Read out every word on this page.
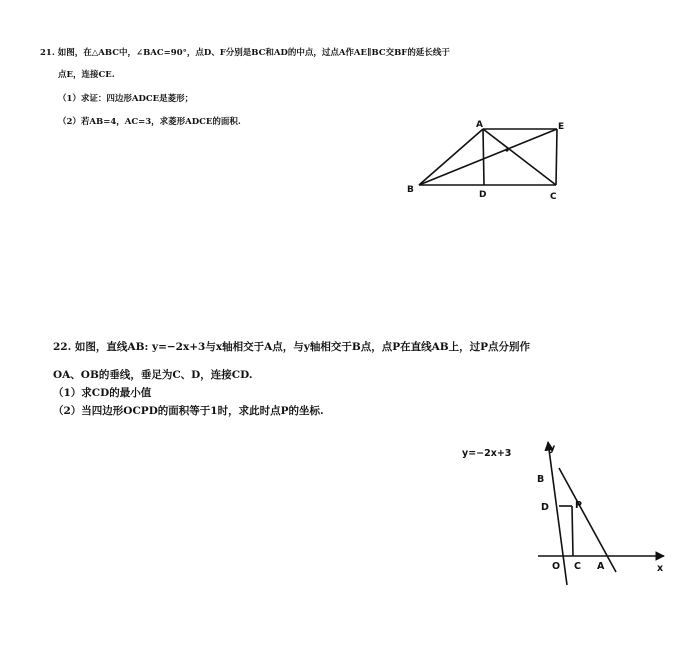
21. 如图，在△ABC中，∠BAC=90°，点D、F分别是BC和AD的中点，过点A作AE∥BC交BF的延长线于
点E，连接CE.
（1）求证：四边形ADCE是菱形；
（2）若AB=4，AC=3，求菱形ADCE的面积.	A	E
B	D	C
22. 如图，直线AB: y=−2x+3与x轴相交于A点，与y轴相交于B点，点P在直线AB上，过P点分别作
OA、OB的垂线，垂足为C、D，连接CD.
（1）求CD的最小值
（2）当四边形OCPD的面积等于1时，求此时点P的坐标.
y=−2x+3
B
D	P
O C A	x
y
